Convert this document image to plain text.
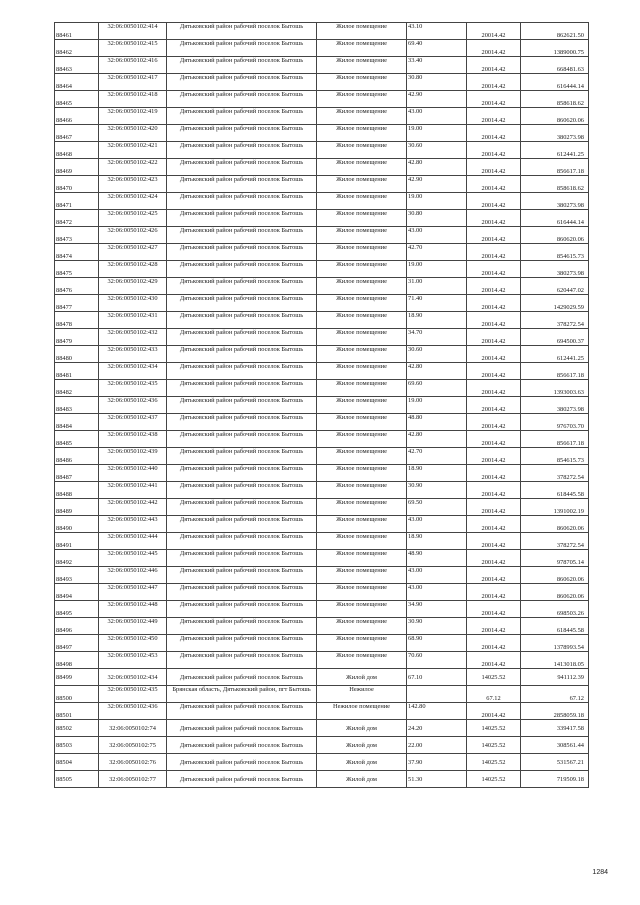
88461	32:06:0050102:414	Дятьковский район рабочий поселок Бытошь	Жилое помещение	43.10	20014.42	862621.50
88462	32:06:0050102:415	Дятьковский район рабочий поселок Бытошь	Жилое помещение	69.40	20014.42	1389000.75
88463	32:06:0050102:416	Дятьковский район рабочий поселок Бытошь	Жилое помещение	33.40	20014.42	668481.63
88464	32:06:0050102:417	Дятьковский район рабочий поселок Бытошь	Жилое помещение	30.80	20014.42	616444.14
88465	32:06:0050102:418	Дятьковский район рабочий поселок Бытошь	Жилое помещение	42.90	20014.42	858618.62
88466	32:06:0050102:419	Дятьковский район рабочий поселок Бытошь	Жилое помещение	43.00	20014.42	860620.06
88467	32:06:0050102:420	Дятьковский район рабочий поселок Бытошь	Жилое помещение	19.00	20014.42	380273.98
88468	32:06:0050102:421	Дятьковский район рабочий поселок Бытошь	Жилое помещение	30.60	20014.42	612441.25
88469	32:06:0050102:422	Дятьковский район рабочий поселок Бытошь	Жилое помещение	42.80	20014.42	856617.18
88470	32:06:0050102:423	Дятьковский район рабочий поселок Бытошь	Жилое помещение	42.90	20014.42	858618.62
88471	32:06:0050102:424	Дятьковский район рабочий поселок Бытошь	Жилое помещение	19.00	20014.42	380273.98
88472	32:06:0050102:425	Дятьковский район рабочий поселок Бытошь	Жилое помещение	30.80	20014.42	616444.14
88473	32:06:0050102:426	Дятьковский район рабочий поселок Бытошь	Жилое помещение	43.00	20014.42	860620.06
88474	32:06:0050102:427	Дятьковский район рабочий поселок Бытошь	Жилое помещение	42.70	20014.42	854615.73
88475	32:06:0050102:428	Дятьковский район рабочий поселок Бытошь	Жилое помещение	19.00	20014.42	380273.98
88476	32:06:0050102:429	Дятьковский район рабочий поселок Бытошь	Жилое помещение	31.00	20014.42	620447.02
88477	32:06:0050102:430	Дятьковский район рабочий поселок Бытошь	Жилое помещение	71.40	20014.42	1429029.59
88478	32:06:0050102:431	Дятьковский район рабочий поселок Бытошь	Жилое помещение	18.90	20014.42	378272.54
88479	32:06:0050102:432	Дятьковский район рабочий поселок Бытошь	Жилое помещение	34.70	20014.42	694500.37
88480	32:06:0050102:433	Дятьковский район рабочий поселок Бытошь	Жилое помещение	30.60	20014.42	612441.25
88481	32:06:0050102:434	Дятьковский район рабочий поселок Бытошь	Жилое помещение	42.80	20014.42	856617.18
88482	32:06:0050102:435	Дятьковский район рабочий поселок Бытошь	Жилое помещение	69.60	20014.42	1393003.63
88483	32:06:0050102:436	Дятьковский район рабочий поселок Бытошь	Жилое помещение	19.00	20014.42	380273.98
88484	32:06:0050102:437	Дятьковский район рабочий поселок Бытошь	Жилое помещение	48.80	20014.42	976703.70
88485	32:06:0050102:438	Дятьковский район рабочий поселок Бытошь	Жилое помещение	42.80	20014.42	856617.18
88486	32:06:0050102:439	Дятьковский район рабочий поселок Бытошь	Жилое помещение	42.70	20014.42	854615.73
88487	32:06:0050102:440	Дятьковский район рабочий поселок Бытошь	Жилое помещение	18.90	20014.42	378272.54
88488	32:06:0050102:441	Дятьковский район рабочий поселок Бытошь	Жилое помещение	30.90	20014.42	618445.58
88489	32:06:0050102:442	Дятьковский район рабочий поселок Бытошь	Жилое помещение	69.50	20014.42	1391002.19
88490	32:06:0050102:443	Дятьковский район рабочий поселок Бытошь	Жилое помещение	43.00	20014.42	860620.06
88491	32:06:0050102:444	Дятьковский район рабочий поселок Бытошь	Жилое помещение	18.90	20014.42	378272.54
88492	32:06:0050102:445	Дятьковский район рабочий поселок Бытошь	Жилое помещение	48.90	20014.42	978705.14
88493	32:06:0050102:446	Дятьковский район рабочий поселок Бытошь	Жилое помещение	43.00	20014.42	860620.06
88494	32:06:0050102:447	Дятьковский район рабочий поселок Бытошь	Жилое помещение	43.00	20014.42	860620.06
88495	32:06:0050102:448	Дятьковский район рабочий поселок Бытошь	Жилое помещение	34.90	20014.42	698503.26
88496	32:06:0050102:449	Дятьковский район рабочий поселок Бытошь	Жилое помещение	30.90	20014.42	618445.58
88497	32:06:0050102:450	Дятьковский район рабочий поселок Бытошь	Жилое помещение	68.90	20014.42	1378993.54
88498	32:06:0050102:453	Дятьковский район рабочий поселок Бытошь	Жилое помещение	70.60	20014.42	1413018.05
88499	32:06:0050102:434	Дятьковский район рабочий поселок Бытошь	Жилой дом	67.10	14025.52	941112.39
88500	32:06:0050102:435	Брянская область, Дятьковский район, пгт Бытошь	Нежилое		67.12	67.12
88501	32:06:0050102:436	Дятьковский район рабочий поселок Бытошь	Нежилое помещение	142.80	20014.42	2858059.18
88502	32:06:0050102:74	Дятьковский район рабочий поселок Бытошь	Жилой дом	24.20	14025.52	339417.58
88503	32:06:0050102:75	Дятьковский район рабочий поселок Бытошь	Жилой дом	22.00	14025.52	308561.44
88504	32:06:0050102:76	Дятьковский район рабочий поселок Бытошь	Жилой дом	37.90	14025.52	531567.21
88505	32:06:0050102:77	Дятьковский район рабочий поселок Бытошь	Жилой дом	51.30	14025.52	719509.18
1284
